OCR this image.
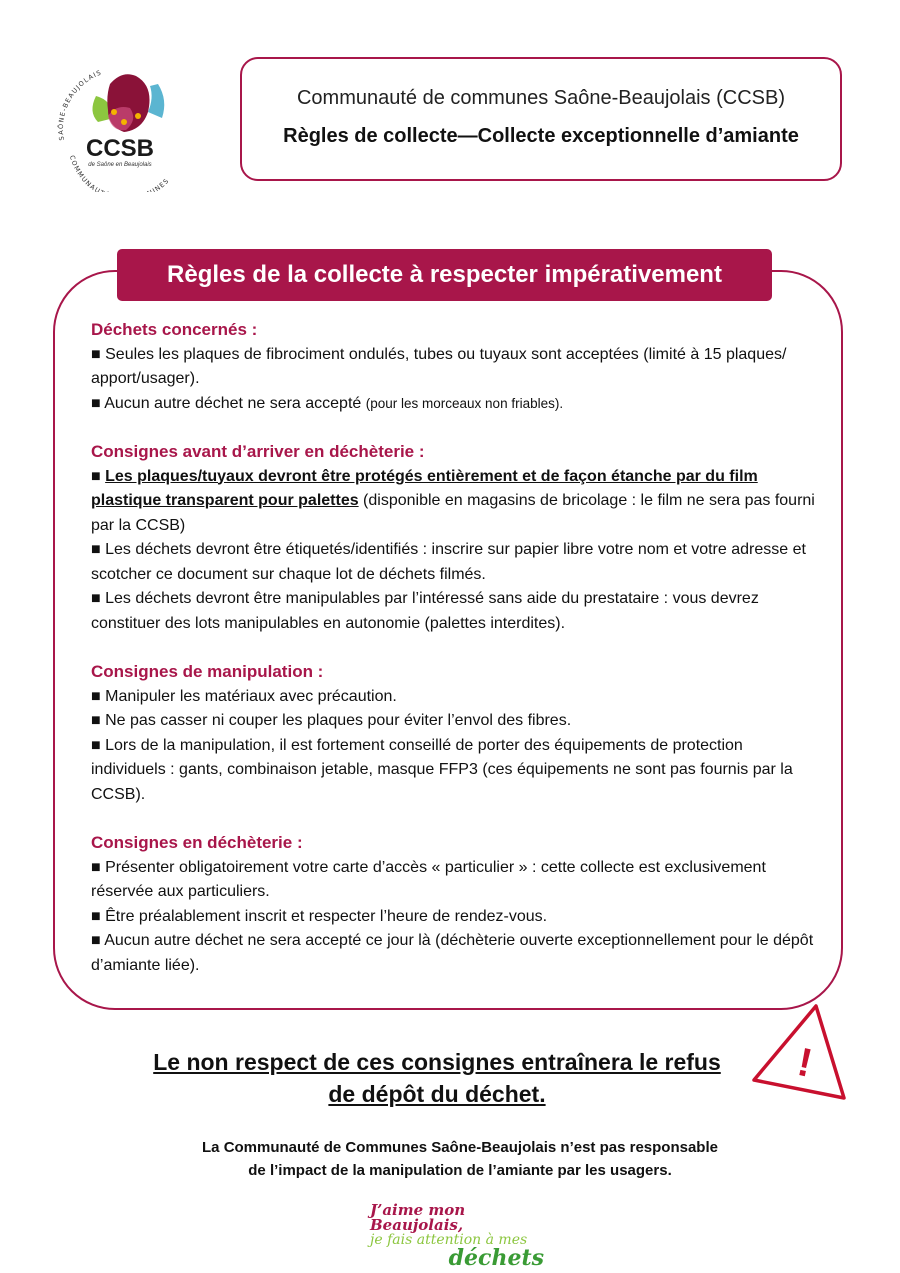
SAÔNE-BEAUJOLAIS
COMMUNAU UNES
CCSB
de Saône en Beaujolais
Communauté de communes Saône-Beaujolais (CCSB)
Règles de collecte—Collecte exceptionnelle d’amiante
Règles de la collecte à respecter impérativement
Déchets concernés :
■ Seules les plaques de fibrociment ondulés, tubes ou tuyaux sont acceptées (limité à 15 plaques/ apport/usager).
■ Aucun autre déchet ne sera accepté (pour les morceaux non friables).
Consignes avant d’arriver en déchèterie :
■ Les plaques/tuyaux devront être protégés entièrement et de façon étanche par du film plastique transparent pour palettes (disponible en magasins de bricolage : le film ne sera pas fourni par la CCSB)
■ Les déchets devront être étiquetés/identifiés : inscrire sur papier libre votre nom et votre adresse et scotcher ce document sur chaque lot de déchets filmés.
■ Les déchets devront être manipulables par l’intéressé sans aide du prestataire : vous devrez constituer des lots manipulables en autonomie (palettes interdites).
Consignes de manipulation :
■ Manipuler les matériaux avec précaution.
■ Ne pas casser ni couper les plaques pour éviter l’envol des fibres.
■ Lors de la manipulation, il est fortement conseillé de porter des équipements de protection individuels : gants, combinaison jetable, masque FFP3 (ces équipements ne sont pas fournis par la CCSB).
Consignes en déchèterie :
■ Présenter obligatoirement votre carte d’accès « particulier » : cette collecte est exclusivement réservée aux particuliers.
■ Être préalablement inscrit et respecter l’heure de rendez-vous.
■ Aucun autre déchet ne sera accepté ce jour là (déchèterie ouverte exceptionnellement pour le dépôt d’amiante liée).
Le non respect de ces consignes entraînera le refus
de dépôt du déchet.
!
La Communauté de Communes Saône-Beaujolais n’est pas responsable
de l’impact de la manipulation de l’amiante par les usagers.
J’aime mon Beaujolais,
je fais attention à mes
déchets
